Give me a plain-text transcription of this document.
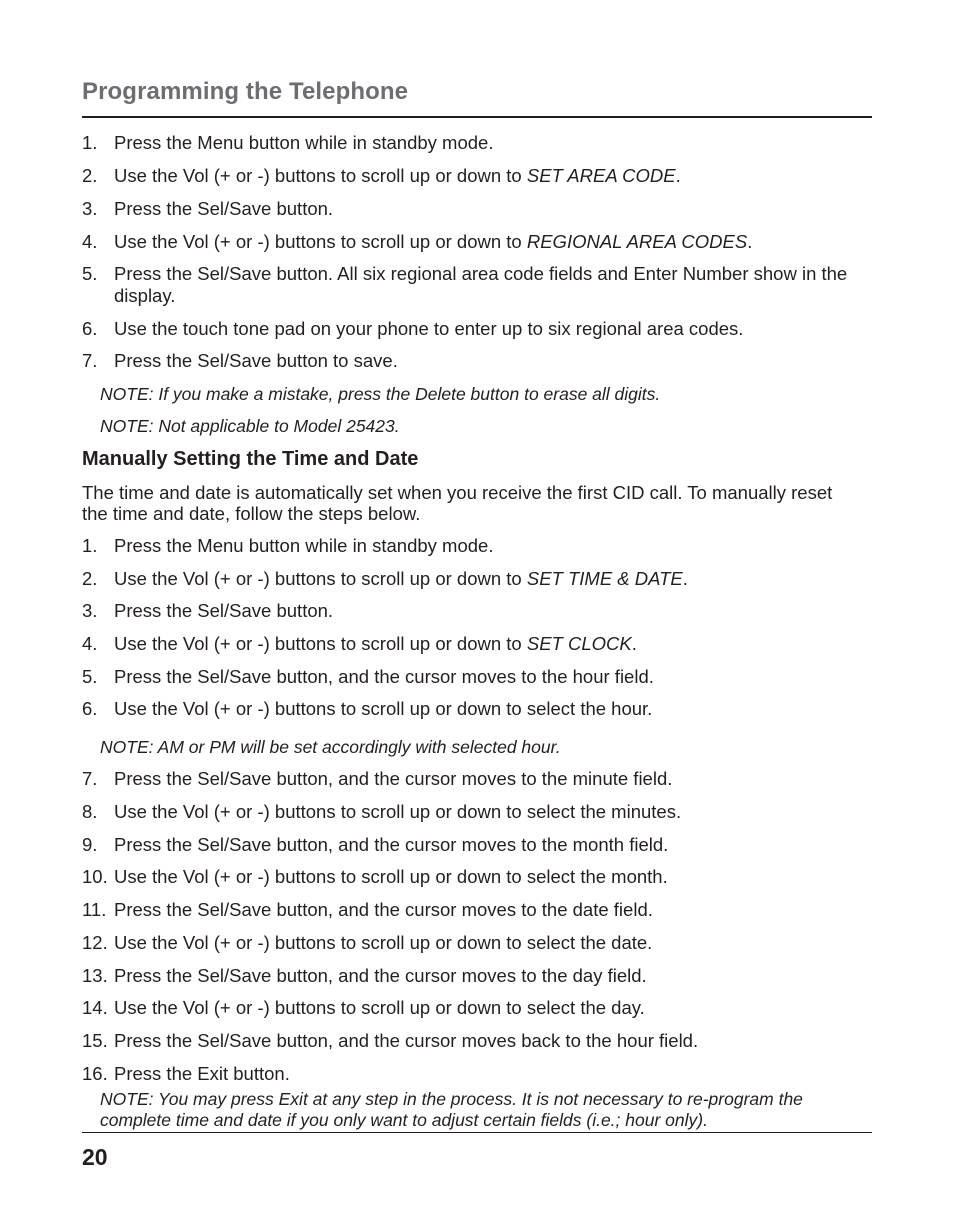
Programming the Telephone
1. Press the Menu button while in standby mode.
2. Use the Vol (+ or -) buttons to scroll up or down to SET AREA CODE.
3. Press the Sel/Save button.
4. Use the Vol (+ or -) buttons to scroll up or down to REGIONAL AREA CODES.
5. Press the Sel/Save button. All six regional area code fields and Enter Number show in the display.
6. Use the touch tone pad on your phone to enter up to six regional area codes.
7. Press the Sel/Save button to save.
NOTE: If you make a mistake, press the Delete button to erase all digits.
NOTE: Not applicable to Model 25423.
Manually Setting the Time and Date
The time and date is automatically set when you receive the first CID call. To manually reset the time and date, follow the steps below.
1. Press the Menu button while in standby mode.
2. Use the Vol (+ or -) buttons to scroll up or down to SET TIME & DATE.
3. Press the Sel/Save button.
4. Use the Vol (+ or -) buttons to scroll up or down to SET CLOCK.
5. Press the Sel/Save button, and the cursor moves to the hour field.
6. Use the Vol (+ or -) buttons to scroll up or down to select the hour.
NOTE: AM or PM will be set accordingly with selected hour.
7. Press the Sel/Save button, and the cursor moves to the minute field.
8. Use the Vol (+ or -) buttons to scroll up or down to select the minutes.
9. Press the Sel/Save button, and the cursor moves to the month field.
10. Use the Vol (+ or -) buttons to scroll up or down to select the month.
11. Press the Sel/Save button, and the cursor moves to the date field.
12. Use the Vol (+ or -) buttons to scroll up or down to select the date.
13. Press the Sel/Save button, and the cursor moves to the day field.
14. Use the Vol (+ or -) buttons to scroll up or down to select the day.
15. Press the Sel/Save button, and the cursor moves back to the hour field.
16. Press the Exit button.
NOTE: You may press Exit at any step in the process. It is not necessary to re-program the complete time and date if you only want to adjust certain fields (i.e.; hour only).
20
